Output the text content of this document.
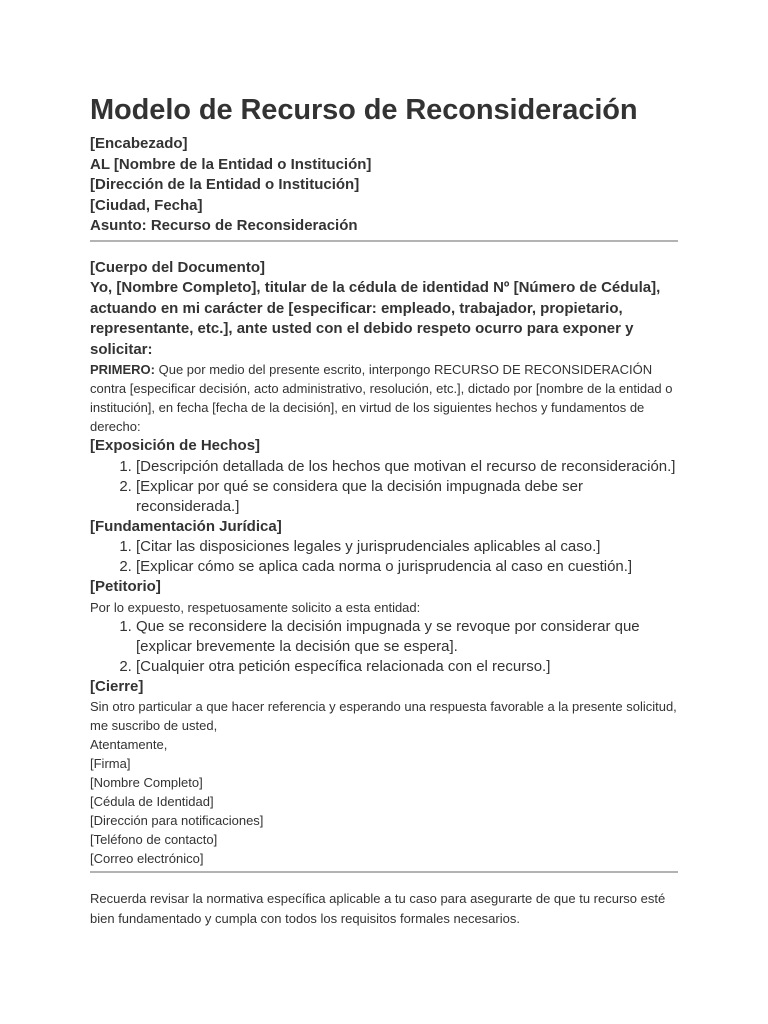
Modelo de Recurso de Reconsideración
[Encabezado]
AL [Nombre de la Entidad o Institución]
[Dirección de la Entidad o Institución]
[Ciudad, Fecha]
Asunto: Recurso de Reconsideración
[Cuerpo del Documento]
Yo, [Nombre Completo], titular de la cédula de identidad Nº [Número de Cédula], actuando en mi carácter de [especificar: empleado, trabajador, propietario, representante, etc.], ante usted con el debido respeto ocurro para exponer y solicitar:
PRIMERO: Que por medio del presente escrito, interpongo RECURSO DE RECONSIDERACIÓN contra [especificar decisión, acto administrativo, resolución, etc.], dictado por [nombre de la entidad o institución], en fecha [fecha de la decisión], en virtud de los siguientes hechos y fundamentos de derecho:
[Exposición de Hechos]
1. [Descripción detallada de los hechos que motivan el recurso de reconsideración.]
2. [Explicar por qué se considera que la decisión impugnada debe ser reconsiderada.]
[Fundamentación Jurídica]
1. [Citar las disposiciones legales y jurisprudenciales aplicables al caso.]
2. [Explicar cómo se aplica cada norma o jurisprudencia al caso en cuestión.]
[Petitorio]
Por lo expuesto, respetuosamente solicito a esta entidad:
1. Que se reconsidere la decisión impugnada y se revoque por considerar que [explicar brevemente la decisión que se espera].
2. [Cualquier otra petición específica relacionada con el recurso.]
[Cierre]
Sin otro particular a que hacer referencia y esperando una respuesta favorable a la presente solicitud, me suscribo de usted,
Atentamente,
[Firma]
[Nombre Completo]
[Cédula de Identidad]
[Dirección para notificaciones]
[Teléfono de contacto]
[Correo electrónico]
Recuerda revisar la normativa específica aplicable a tu caso para asegurarte de que tu recurso esté bien fundamentado y cumpla con todos los requisitos formales necesarios.
